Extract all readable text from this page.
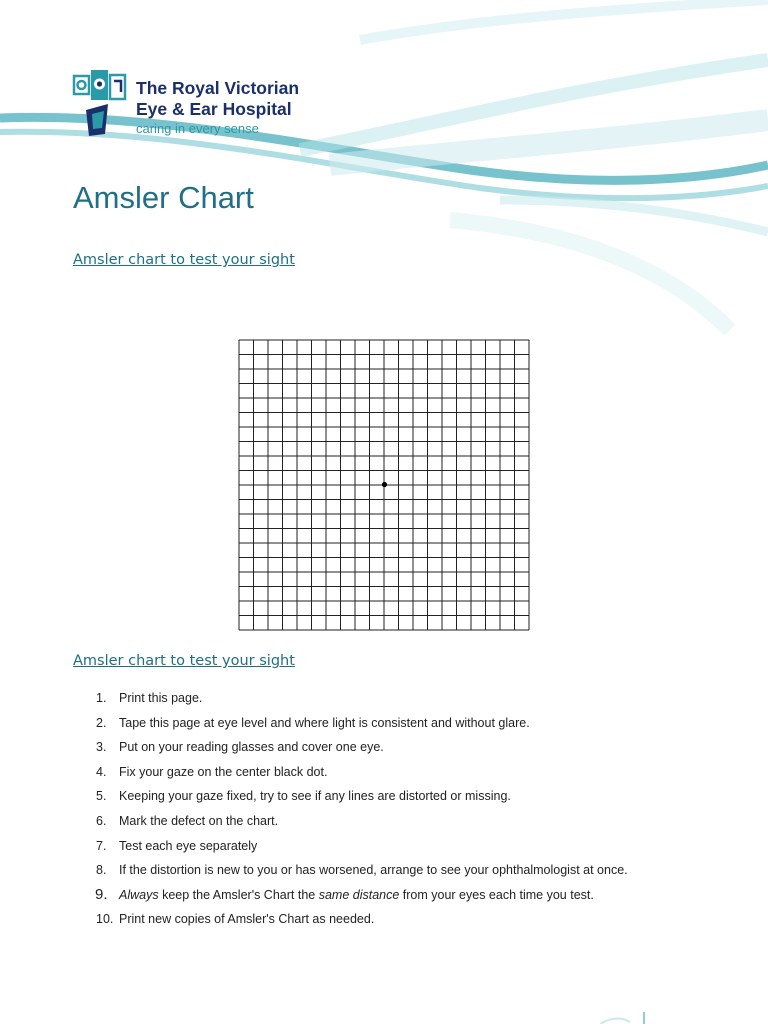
The Royal Victorian
Eye & Ear Hospital
caring in every sense
Amsler Chart
Amsler chart to test your sight
Amsler chart to test your sight
1. Print this page.
2. Tape this page at eye level and where light is consistent and without glare.
3. Put on your reading glasses and cover one eye.
4. Fix your gaze on the center black dot.
5. Keeping your gaze fixed, try to see if any lines are distorted or missing.
6. Mark the defect on the chart.
7. Test each eye separately
8. If the distortion is new to you or has worsened, arrange to see your ophthalmologist at once.
9. Always keep the Amsler's Chart the same distance from your eyes each time you test.
10. Print new copies of Amsler's Chart as needed.
